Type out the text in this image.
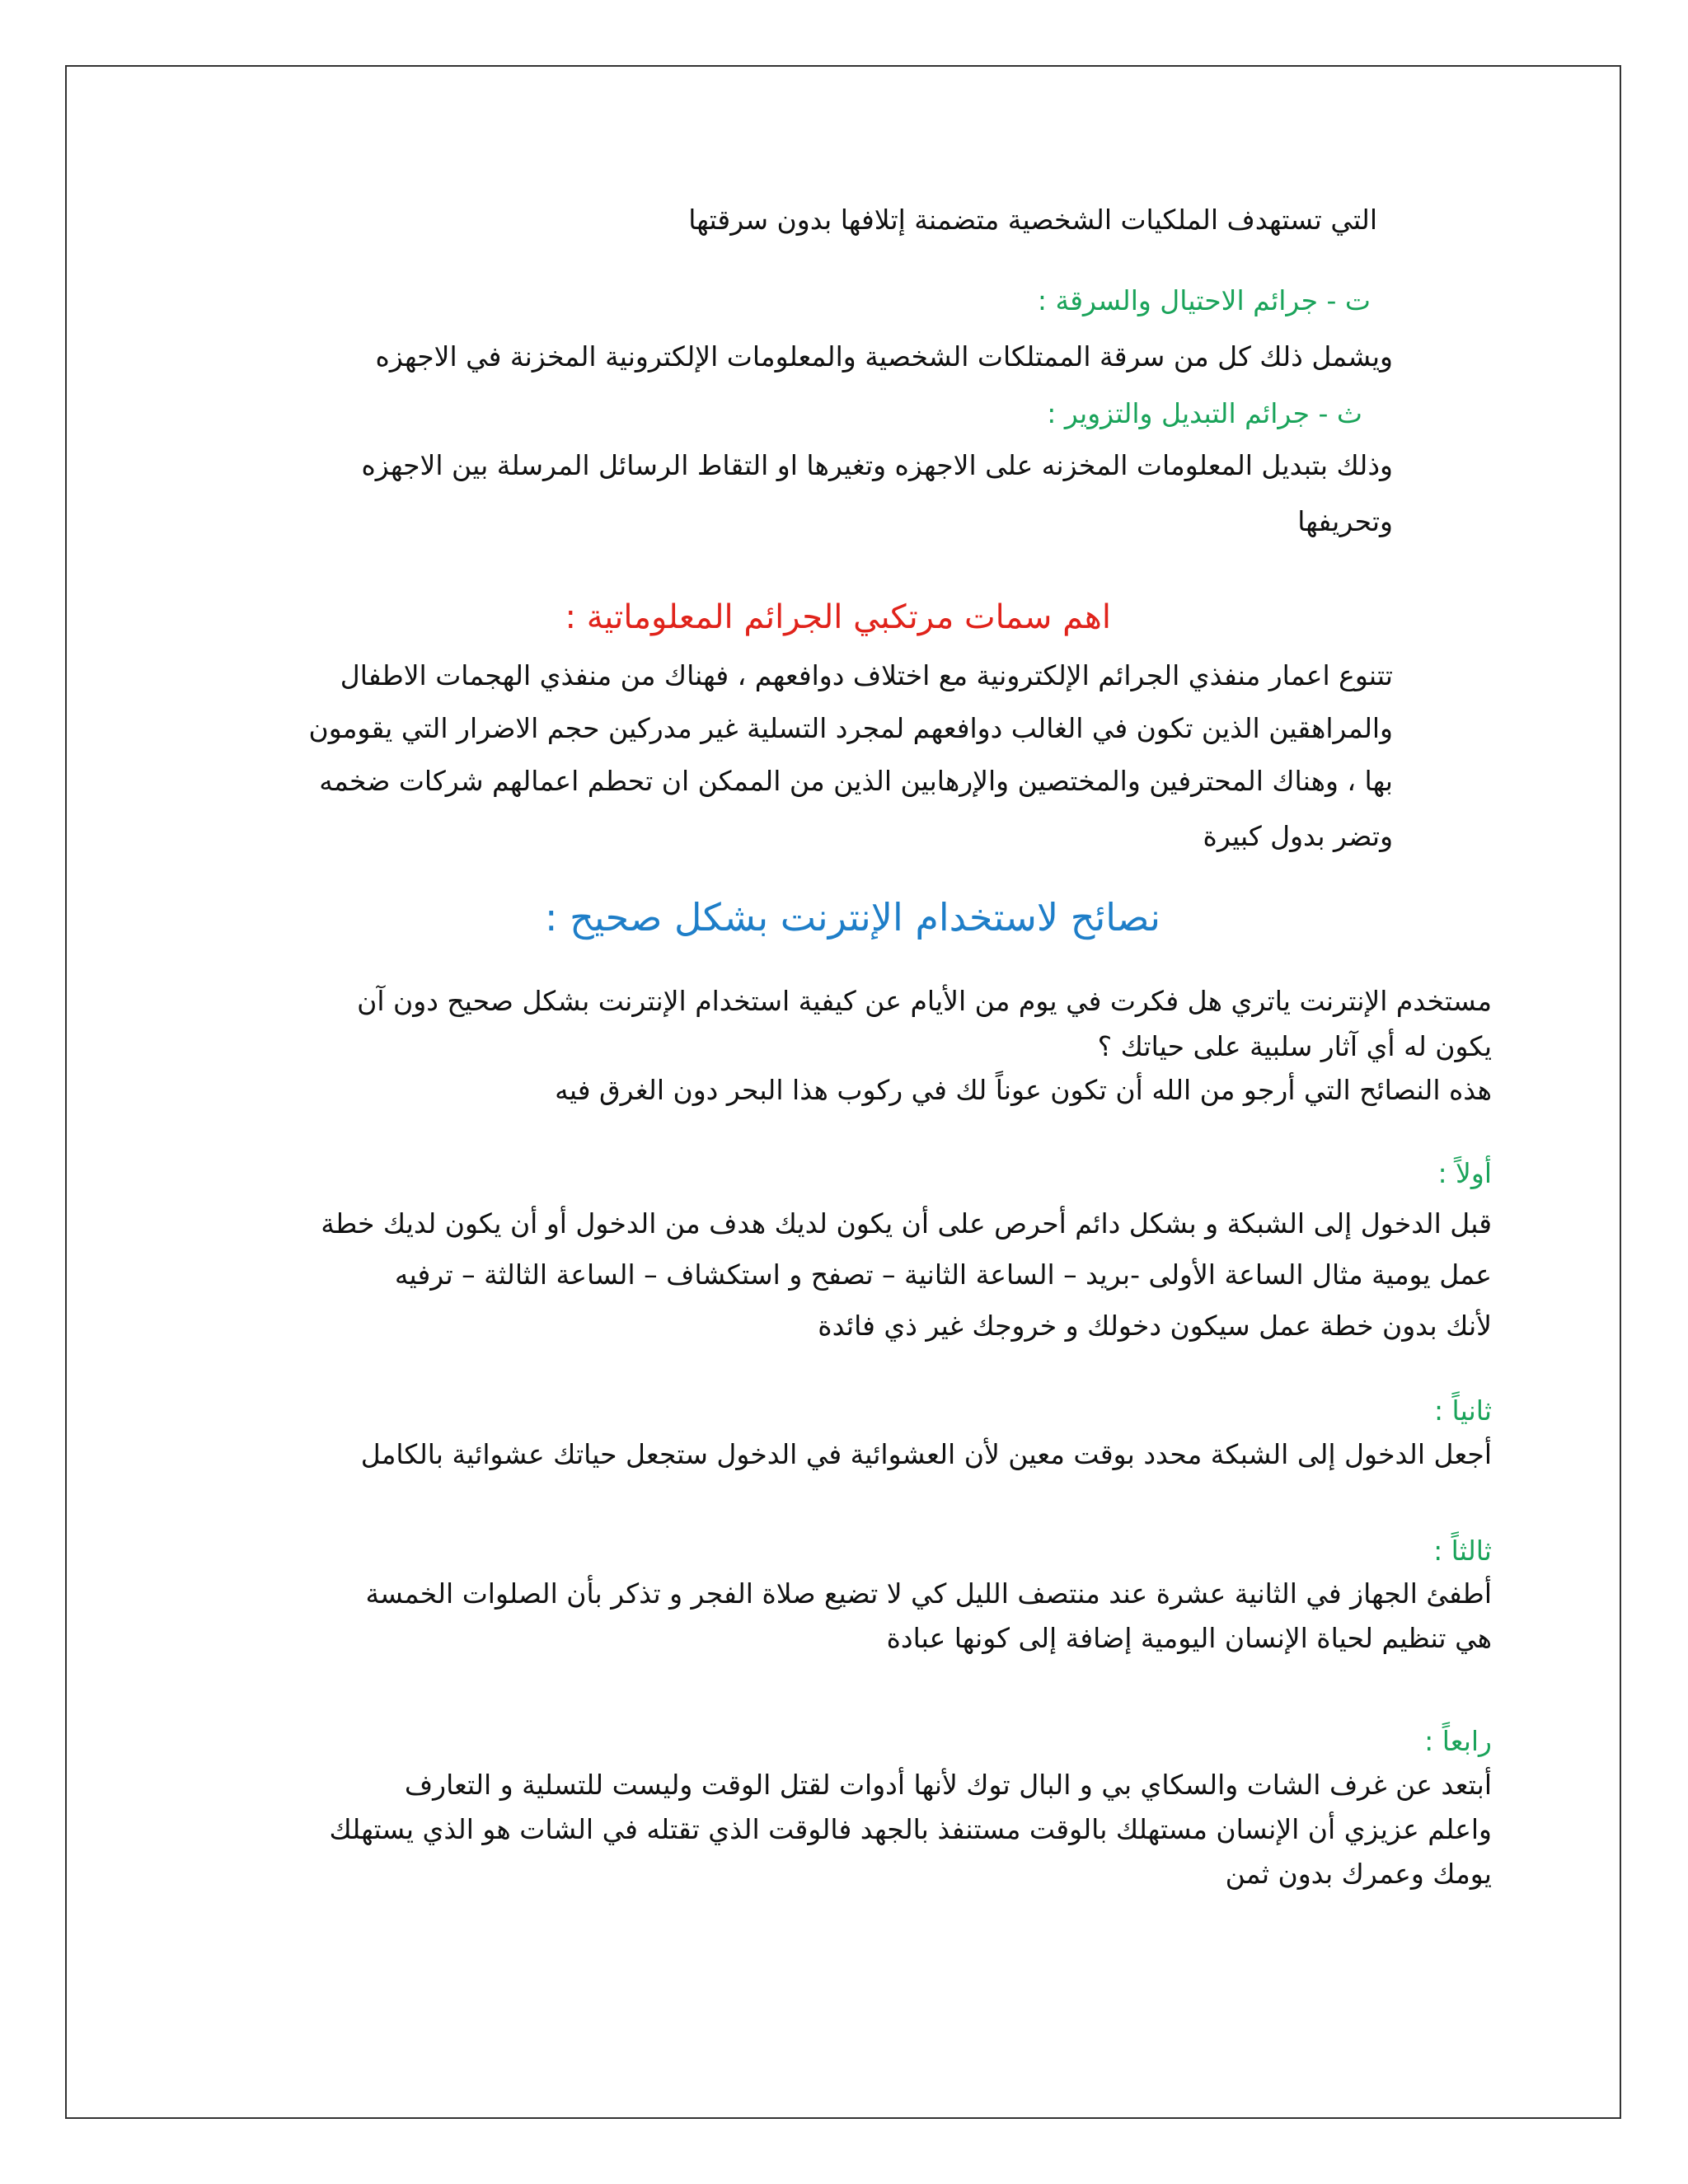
التي تستهدف الملكيات الشخصية متضمنة إتلافها بدون سرقتها
ت - جرائم الاحتيال والسرقة :
ويشمل ذلك كل من سرقة الممتلكات الشخصية والمعلومات الإلكترونية المخزنة في الاجهزه
ث - جرائم التبديل والتزوير :
وذلك بتبديل المعلومات المخزنه على الاجهزه وتغيرها او التقاط الرسائل المرسلة بين الاجهزه
وتحريفها
اهم سمات مرتكبي الجرائم المعلوماتية :
تتنوع اعمار منفذي الجرائم الإلكترونية مع اختلاف دوافعهم ، فهناك من منفذي الهجمات الاطفال
والمراهقين الذين تكون في الغالب دوافعهم لمجرد التسلية غير مدركين حجم الاضرار التي يقومون
بها ، وهناك المحترفين والمختصين والإرهابين الذين من الممكن ان تحطم اعمالهم شركات ضخمه
وتضر بدول كبيرة
نصائح لاستخدام الإنترنت بشكل صحيح :
مستخدم الإنترنت ياتري هل فكرت في يوم من الأيام عن كيفية استخدام الإنترنت بشكل صحيح دون آن
يكون له أي آثار سلبية على حياتك ؟
هذه النصائح التي أرجو من الله أن تكون عوناً لك في ركوب هذا البحر دون الغرق فيه
أولاً :
قبل الدخول إلى الشبكة و بشكل دائم أحرص على أن يكون لديك هدف من الدخول أو أن يكون لديك خطة
عمل يومية مثال الساعة الأولى -بريد – الساعة الثانية – تصفح و استكشاف – الساعة الثالثة – ترفيه
لأنك بدون خطة عمل سيكون دخولك و خروجك غير ذي فائدة
ثانياً :
أجعل الدخول إلى الشبكة محدد بوقت معين لأن العشوائية في الدخول ستجعل حياتك عشوائية بالكامل
ثالثاً :
أطفئ الجهاز في الثانية عشرة عند منتصف الليل كي لا تضيع صلاة الفجر و تذكر بأن الصلوات الخمسة
هي تنظيم لحياة الإنسان اليومية إضافة إلى كونها عبادة
رابعاً :
أبتعد عن غرف الشات والسكاي بي و البال توك لأنها أدوات لقتل الوقت وليست للتسلية و التعارف
واعلم عزيزي أن الإنسان مستهلك بالوقت مستنفذ بالجهد فالوقت الذي تقتله في الشات هو الذي يستهلك
يومك وعمرك بدون ثمن
